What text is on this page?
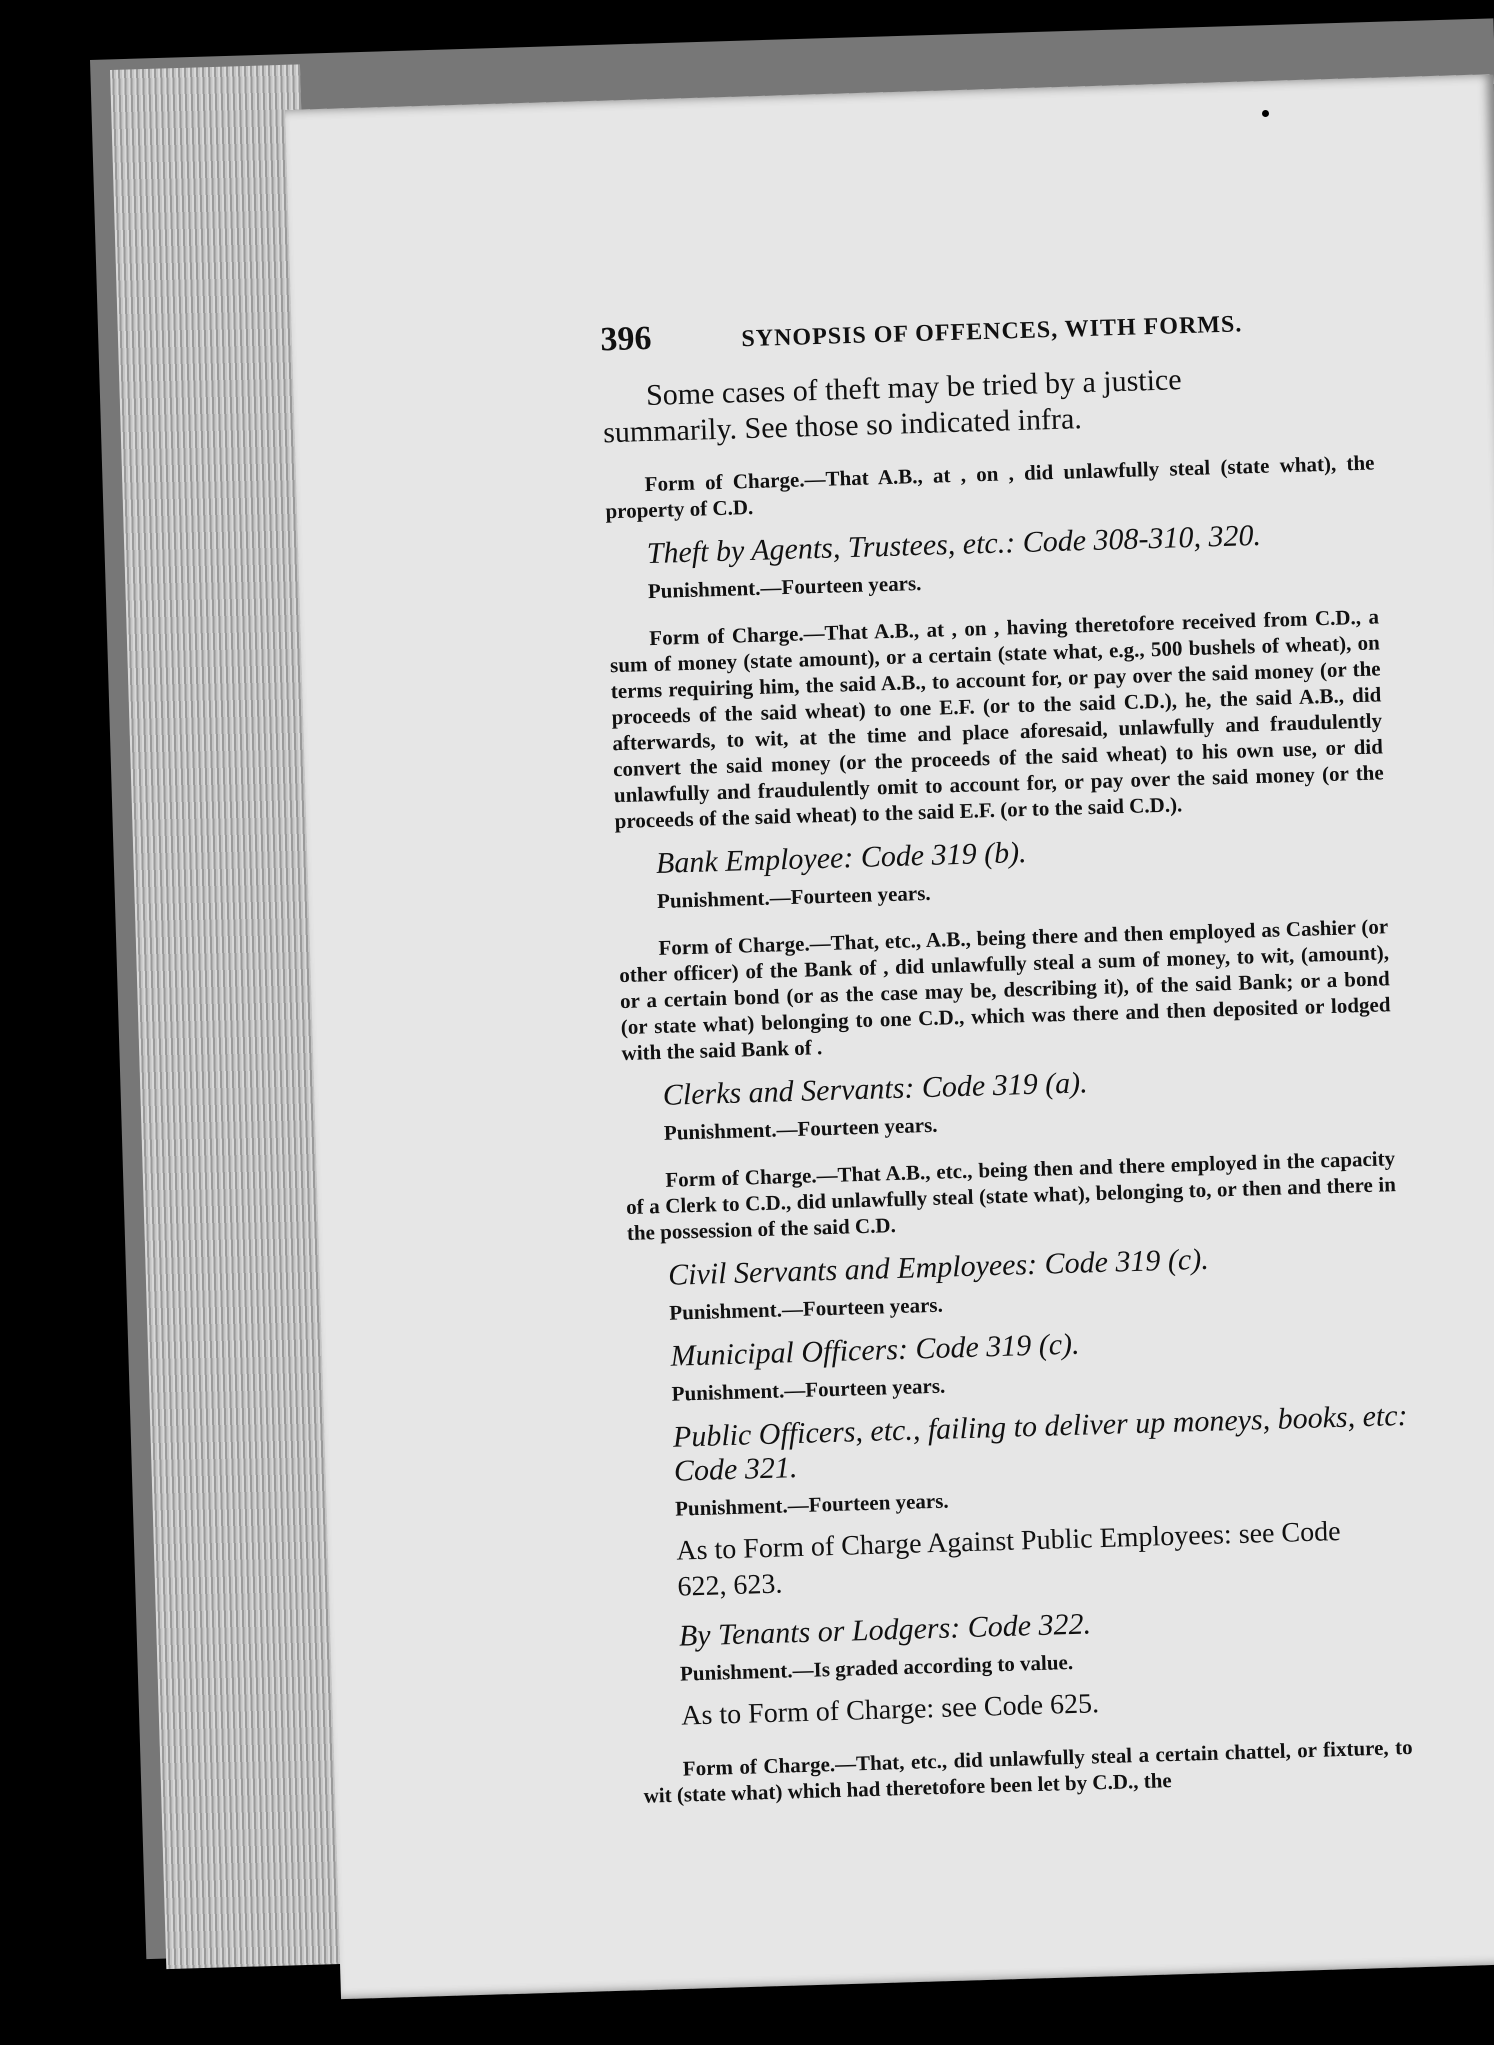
396	SYNOPSIS OF OFFENCES, WITH FORMS.

Some cases of theft may be tried by a justice summarily. See those so indicated infra.

Form of Charge.—That A.B., at , on , did unlawfully steal (state what), the property of C.D.

Theft by Agents, Trustees, etc.: Code 308-310, 320.
Punishment.—Fourteen years.

Form of Charge.—That A.B., at , on , having theretofore received from C.D., a sum of money (state amount), or a certain (state what, e.g., 500 bushels of wheat), on terms requiring him, the said A.B., to account for, or pay over the said money (or the proceeds of the said wheat) to one E.F. (or to the said C.D.), he, the said A.B., did afterwards, to wit, at the time and place aforesaid, unlawfully and fraudulently convert the said money (or the proceeds of the said wheat) to his own use, or did unlawfully and fraudulently omit to account for, or pay over the said money (or the proceeds of the said wheat) to the said E.F. (or to the said C.D.).

Bank Employee: Code 319 (b).
Punishment.—Fourteen years.

Form of Charge.—That, etc., A.B., being there and then employed as Cashier (or other officer) of the Bank of , did unlawfully steal a sum of money, to wit, (amount), or a certain bond (or as the case may be, describing it), of the said Bank; or a bond (or state what) belonging to one C.D., which was there and then deposited or lodged with the said Bank of .

Clerks and Servants: Code 319 (a).
Punishment.—Fourteen years.

Form of Charge.—That A.B., etc., being then and there employed in the capacity of a Clerk to C.D., did unlawfully steal (state what), belonging to, or then and there in the possession of the said C.D.

Civil Servants and Employees: Code 319 (c).
Punishment.—Fourteen years.
Municipal Officers: Code 319 (c).
Punishment.—Fourteen years.
Public Officers, etc., failing to deliver up moneys, books, etc: Code 321.
Punishment.—Fourteen years.

As to Form of Charge Against Public Employees: see Code 622, 623.

By Tenants or Lodgers: Code 322.
Punishment.—Is graded according to value.

As to Form of Charge: see Code 625.

Form of Charge.—That, etc., did unlawfully steal a certain chattel, or fixture, to wit (state what) which had theretofore been let by C.D., the
